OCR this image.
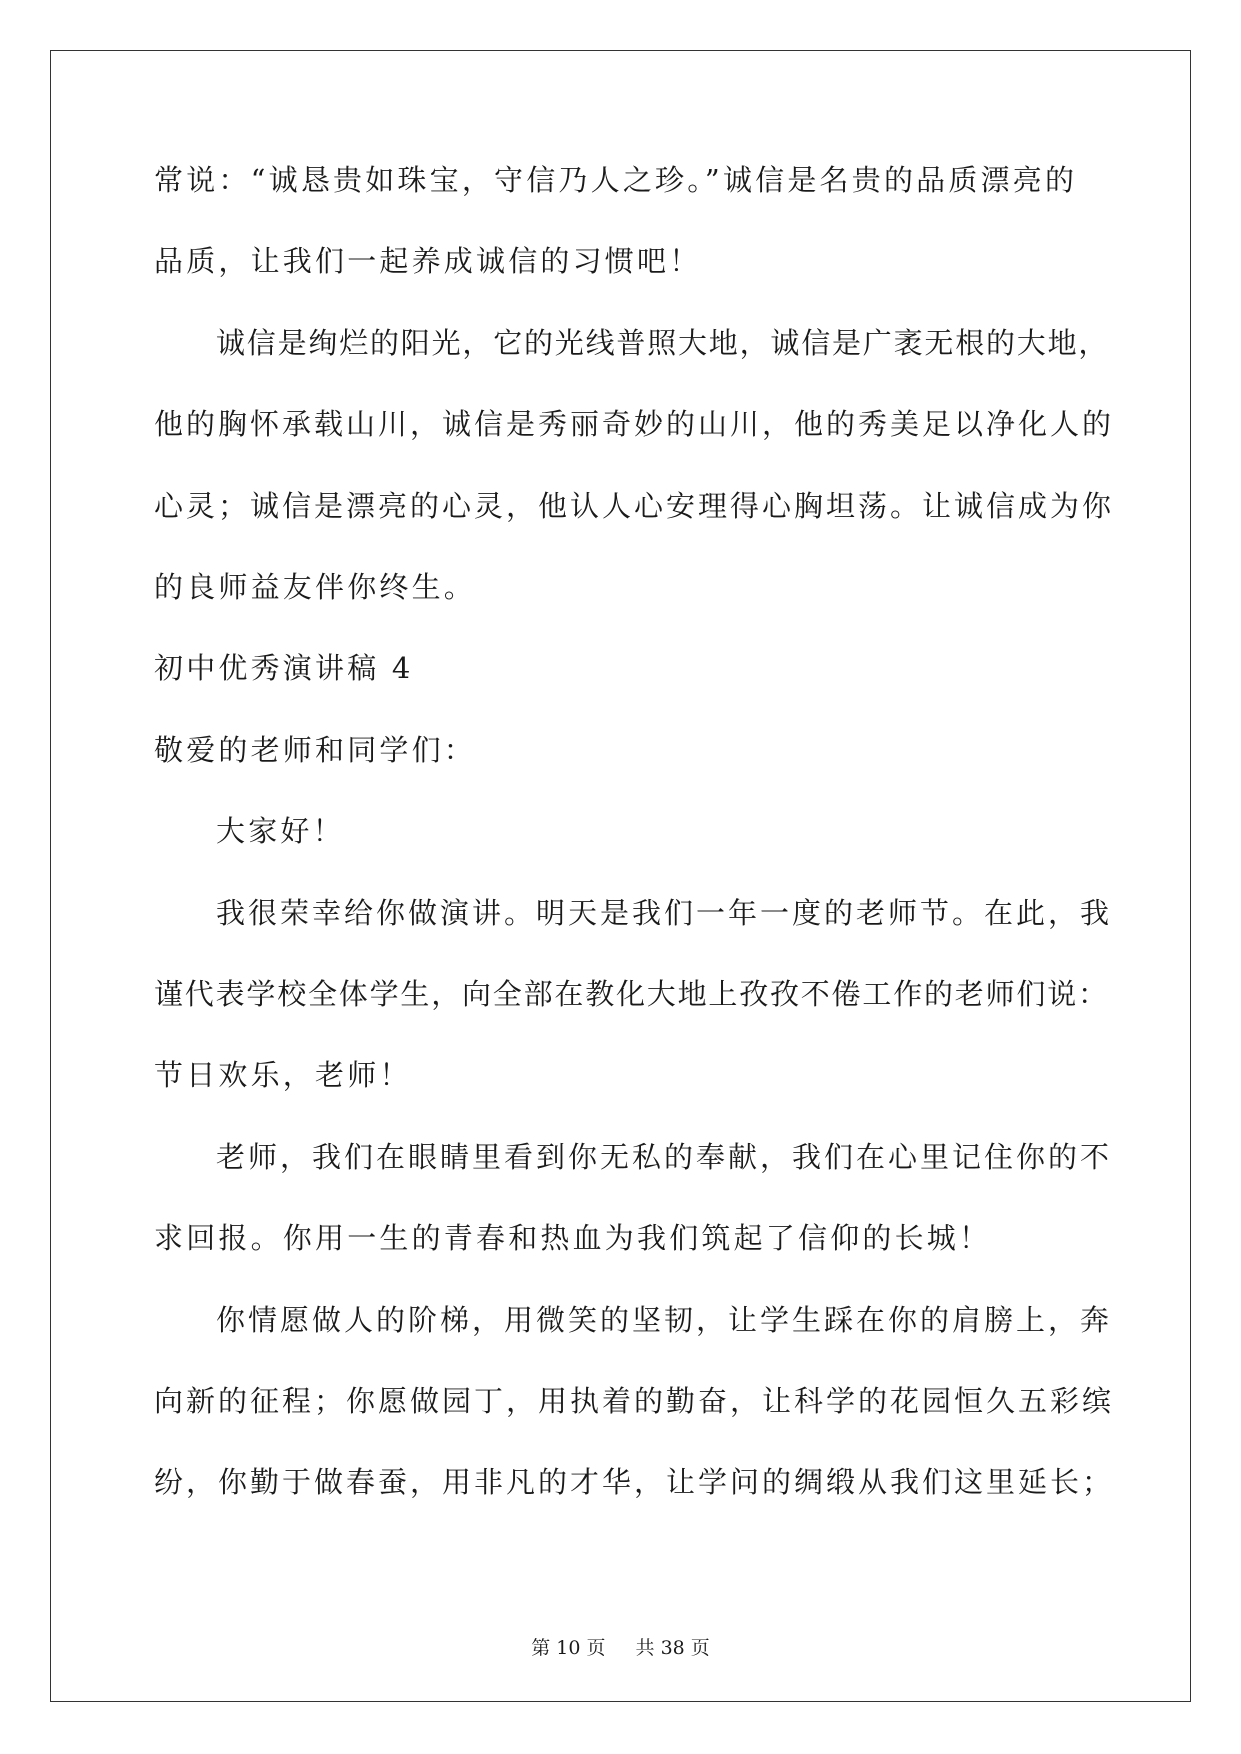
常说：“诚恳贵如珠宝，守信乃人之珍。”诚信是名贵的品质漂亮的
品质，让我们一起养成诚信的习惯吧！
诚信是绚烂的阳光，它的光线普照大地，诚信是广袤无根的大地，
他的胸怀承载山川，诚信是秀丽奇妙的山川，他的秀美足以净化人的
心灵；诚信是漂亮的心灵，他认人心安理得心胸坦荡。让诚信成为你
的良师益友伴你终生。
初中优秀演讲稿 4
敬爱的老师和同学们：
大家好！
我很荣幸给你做演讲。明天是我们一年一度的老师节。在此，我
谨代表学校全体学生，向全部在教化大地上孜孜不倦工作的老师们说：
节日欢乐，老师！
老师，我们在眼睛里看到你无私的奉献，我们在心里记住你的不
求回报。你用一生的青春和热血为我们筑起了信仰的长城！
你情愿做人的阶梯，用微笑的坚韧，让学生踩在你的肩膀上，奔
向新的征程；你愿做园丁，用执着的勤奋，让科学的花园恒久五彩缤
纷，你勤于做春蚕，用非凡的才华，让学问的绸缎从我们这里延长；
第 10 页 共 38 页
